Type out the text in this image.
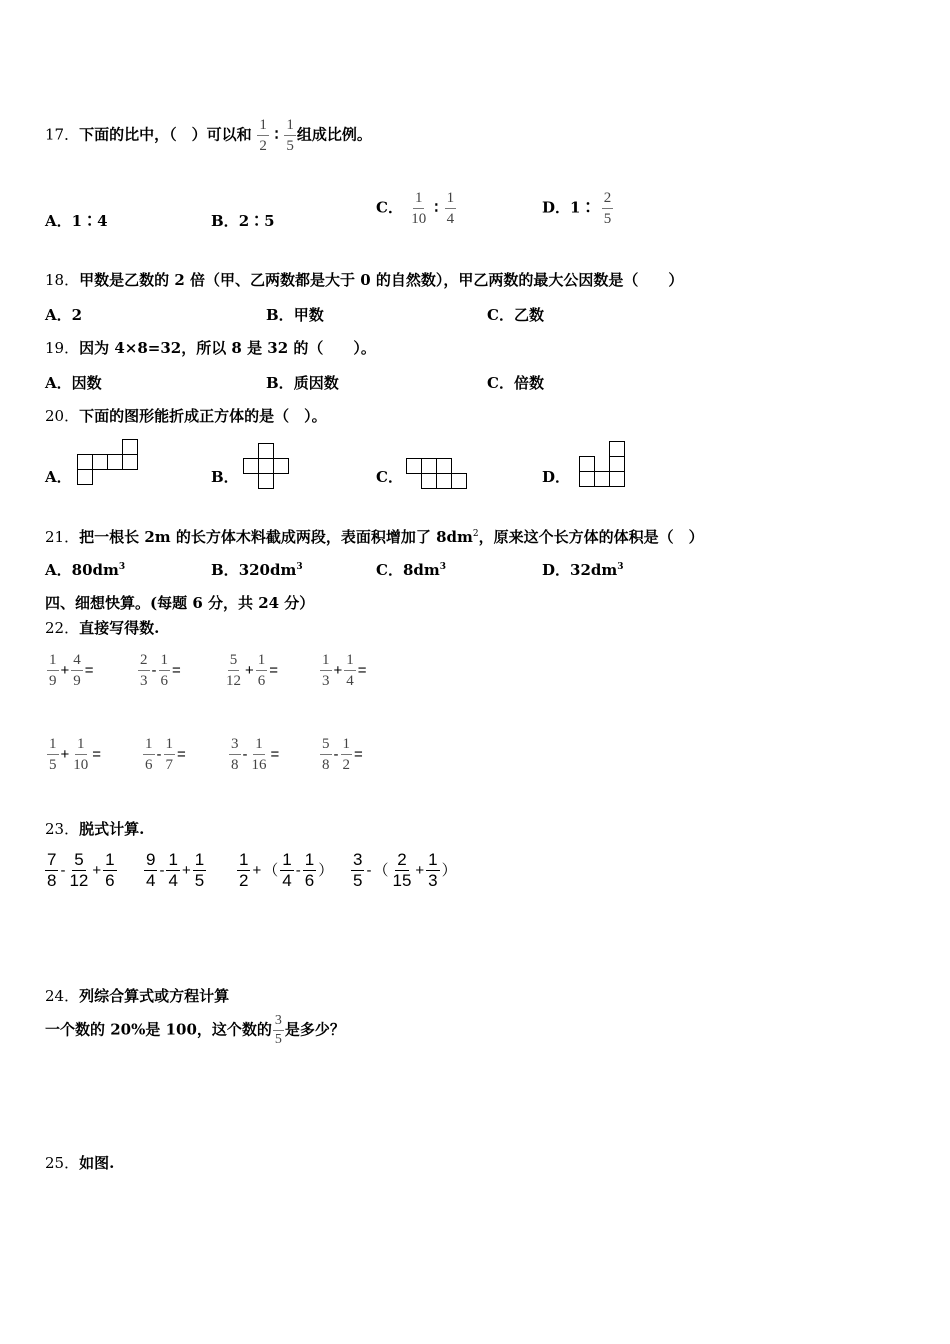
17．下面的比中，（　）可以和 $\frac{1}{2}$ ∶ $\frac{1}{5}$ 组成比例。
A．1∶4	B．2∶5
C． $\frac{1}{10}$ ∶ $\frac{1}{4}$	D．1∶ $\frac{2}{5}$
18．甲数是乙数的 2 倍（甲、乙两数都是大于 0 的自然数），甲乙两数的最大公因数是（　　）
A．2	B．甲数	C．乙数
19．因为 4×8=32，所以 8 是 32 的（　　）。
A．因数	B．质因数	C．倍数
20．下面的图形能折成正方体的是（　）。
A．	B．	C．	D．
21．把一根长 2m 的长方体木料截成两段，表面积增加了 $8dm^2$，原来这个长方体的体积是（　）
A．$80dm^3$	B．$320dm^3$	C．$8dm^3$	D．$32dm^3$
四、细想快算。(每题 6 分，共 24 分）
22．直接写得数.
$\frac{1}{9} + \frac{4}{9}$ =	$\frac{2}{3} - \frac{1}{6}$ =	$\frac{5}{12} + \frac{1}{6}$ =	$\frac{1}{3} + \frac{1}{4}$ =
$\frac{1}{5} + \frac{1}{10}$ =	$\frac{1}{6} - \frac{1}{7}$ =	$\frac{3}{8} - \frac{1}{16}$ =	$\frac{5}{8} - \frac{1}{2}$ =
23．脱式计算.
$\frac{7}{8} - \frac{5}{12} + \frac{1}{6} \frac{9}{4} - \frac{1}{4} + \frac{1}{5} \frac{1}{2}$ + （ $\frac{1}{4} - \frac{1}{6}$ ） $\frac{3}{5}$ - （ $\frac{2}{15} + \frac{1}{3}$ ）
24．列综合算式或方程计算
一个数的 20%是 100，这个数的 $\frac{3}{5}$ 是多少？
25．如图.
